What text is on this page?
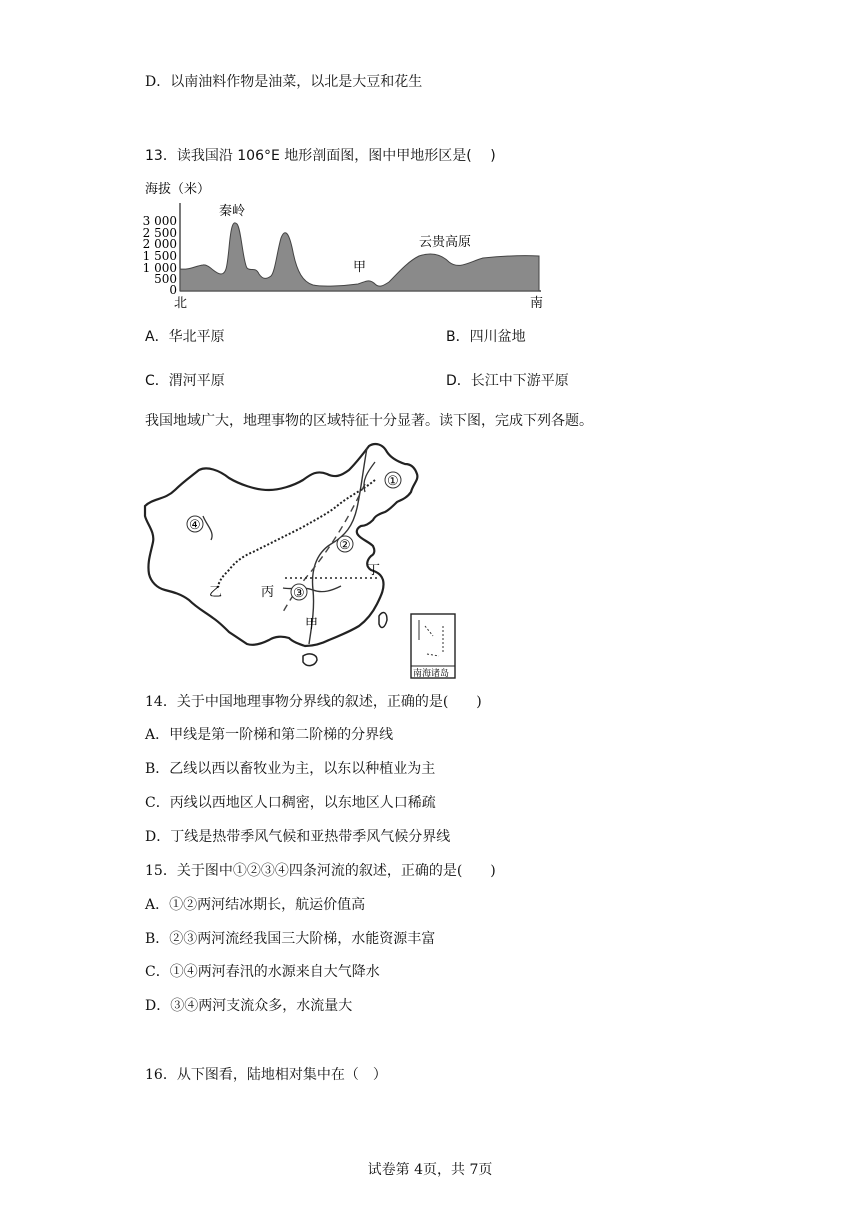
D．以南油料作物是油菜，以北是大豆和花生
13．读我国沿 106°E 地形剖面图，图中甲地形区是(　 )
海拔（米）
3 000
2 500
2 000
1 500
1 000
500
0
秦岭
云贵高原
甲
北	南
A．华北平原	B．四川盆地
C．渭河平原	D．长江中下游平原
我国地域广大，地理事物的区域特征十分显著。读下图，完成下列各题。
①
②
③
④
甲
乙	丙
丁
南海诸岛
14．关于中国地理事物分界线的叙述，正确的是(　　)
A．甲线是第一阶梯和第二阶梯的分界线
B．乙线以西以畜牧业为主，以东以种植业为主
C．丙线以西地区人口稠密，以东地区人口稀疏
D．丁线是热带季风气候和亚热带季风气候分界线
15．关于图中①②③④四条河流的叙述，正确的是(　　)
A．①②两河结冰期长，航运价值高
B．②③两河流经我国三大阶梯，水能资源丰富
C．①④两河春汛的水源来自大气降水
D．③④两河支流众多，水流量大
16．从下图看，陆地相对集中在（　）
试卷第 4页，共 7页
